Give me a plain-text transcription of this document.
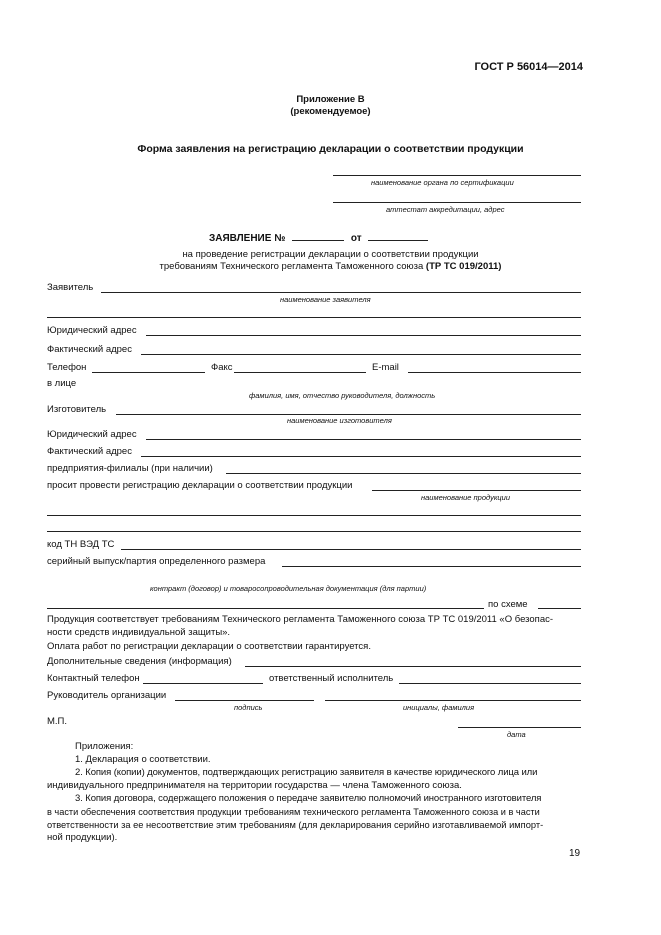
ГОСТ Р 56014—2014
Приложение В
(рекомендуемое)
Форма заявления на регистрацию декларации о соответствии продукции
наименование органа по сертификации
аттестат аккредитации, адрес
ЗАЯВЛЕНИЕ №	от
на проведение регистрации декларации о соответствии продукции
требованиям Технического регламента Таможенного союза (ТР ТС 019/2011)
Заявитель
наименование заявителя
Юридический адрес
Фактический адрес
Телефон	Факс	E-mail
в лице
фамилия, имя, отчество руководителя, должность
Изготовитель
наименование изготовителя
Юридический адрес
Фактический адрес
предприятия-филиалы (при наличии)
просит провести регистрацию декларации о соответствии продукции
наименование продукции
код ТН ВЭД ТС
серийный выпуск/партия определенного размера
контракт (договор) и товаросопроводительная документация (для партии)
по схеме
Продукция соответствует требованиям Технического регламента Таможенного союза ТР ТС 019/2011 «О безопас-
ности средств индивидуальной защиты».
Оплата работ по регистрации декларации о соответствии гарантируется.
Дополнительные сведения (информация)
Контактный телефон	ответственный исполнитель
Руководитель организации
подпись	инициалы, фамилия
М.П.
дата
Приложения:
1. Декларация о соответствии.
2. Копия (копии) документов, подтверждающих регистрацию заявителя в качестве юридического лица или
индивидуального предпринимателя на территории государства — члена Таможенного союза.
3. Копия договора, содержащего положения о передаче заявителю полномочий иностранного изготовителя
в части обеспечения соответствия продукции требованиям технического регламента Таможенного союза и в части
ответственности за ее несоответствие этим требованиям (для декларирования серийно изготавливаемой импорт-
ной продукции).
19
